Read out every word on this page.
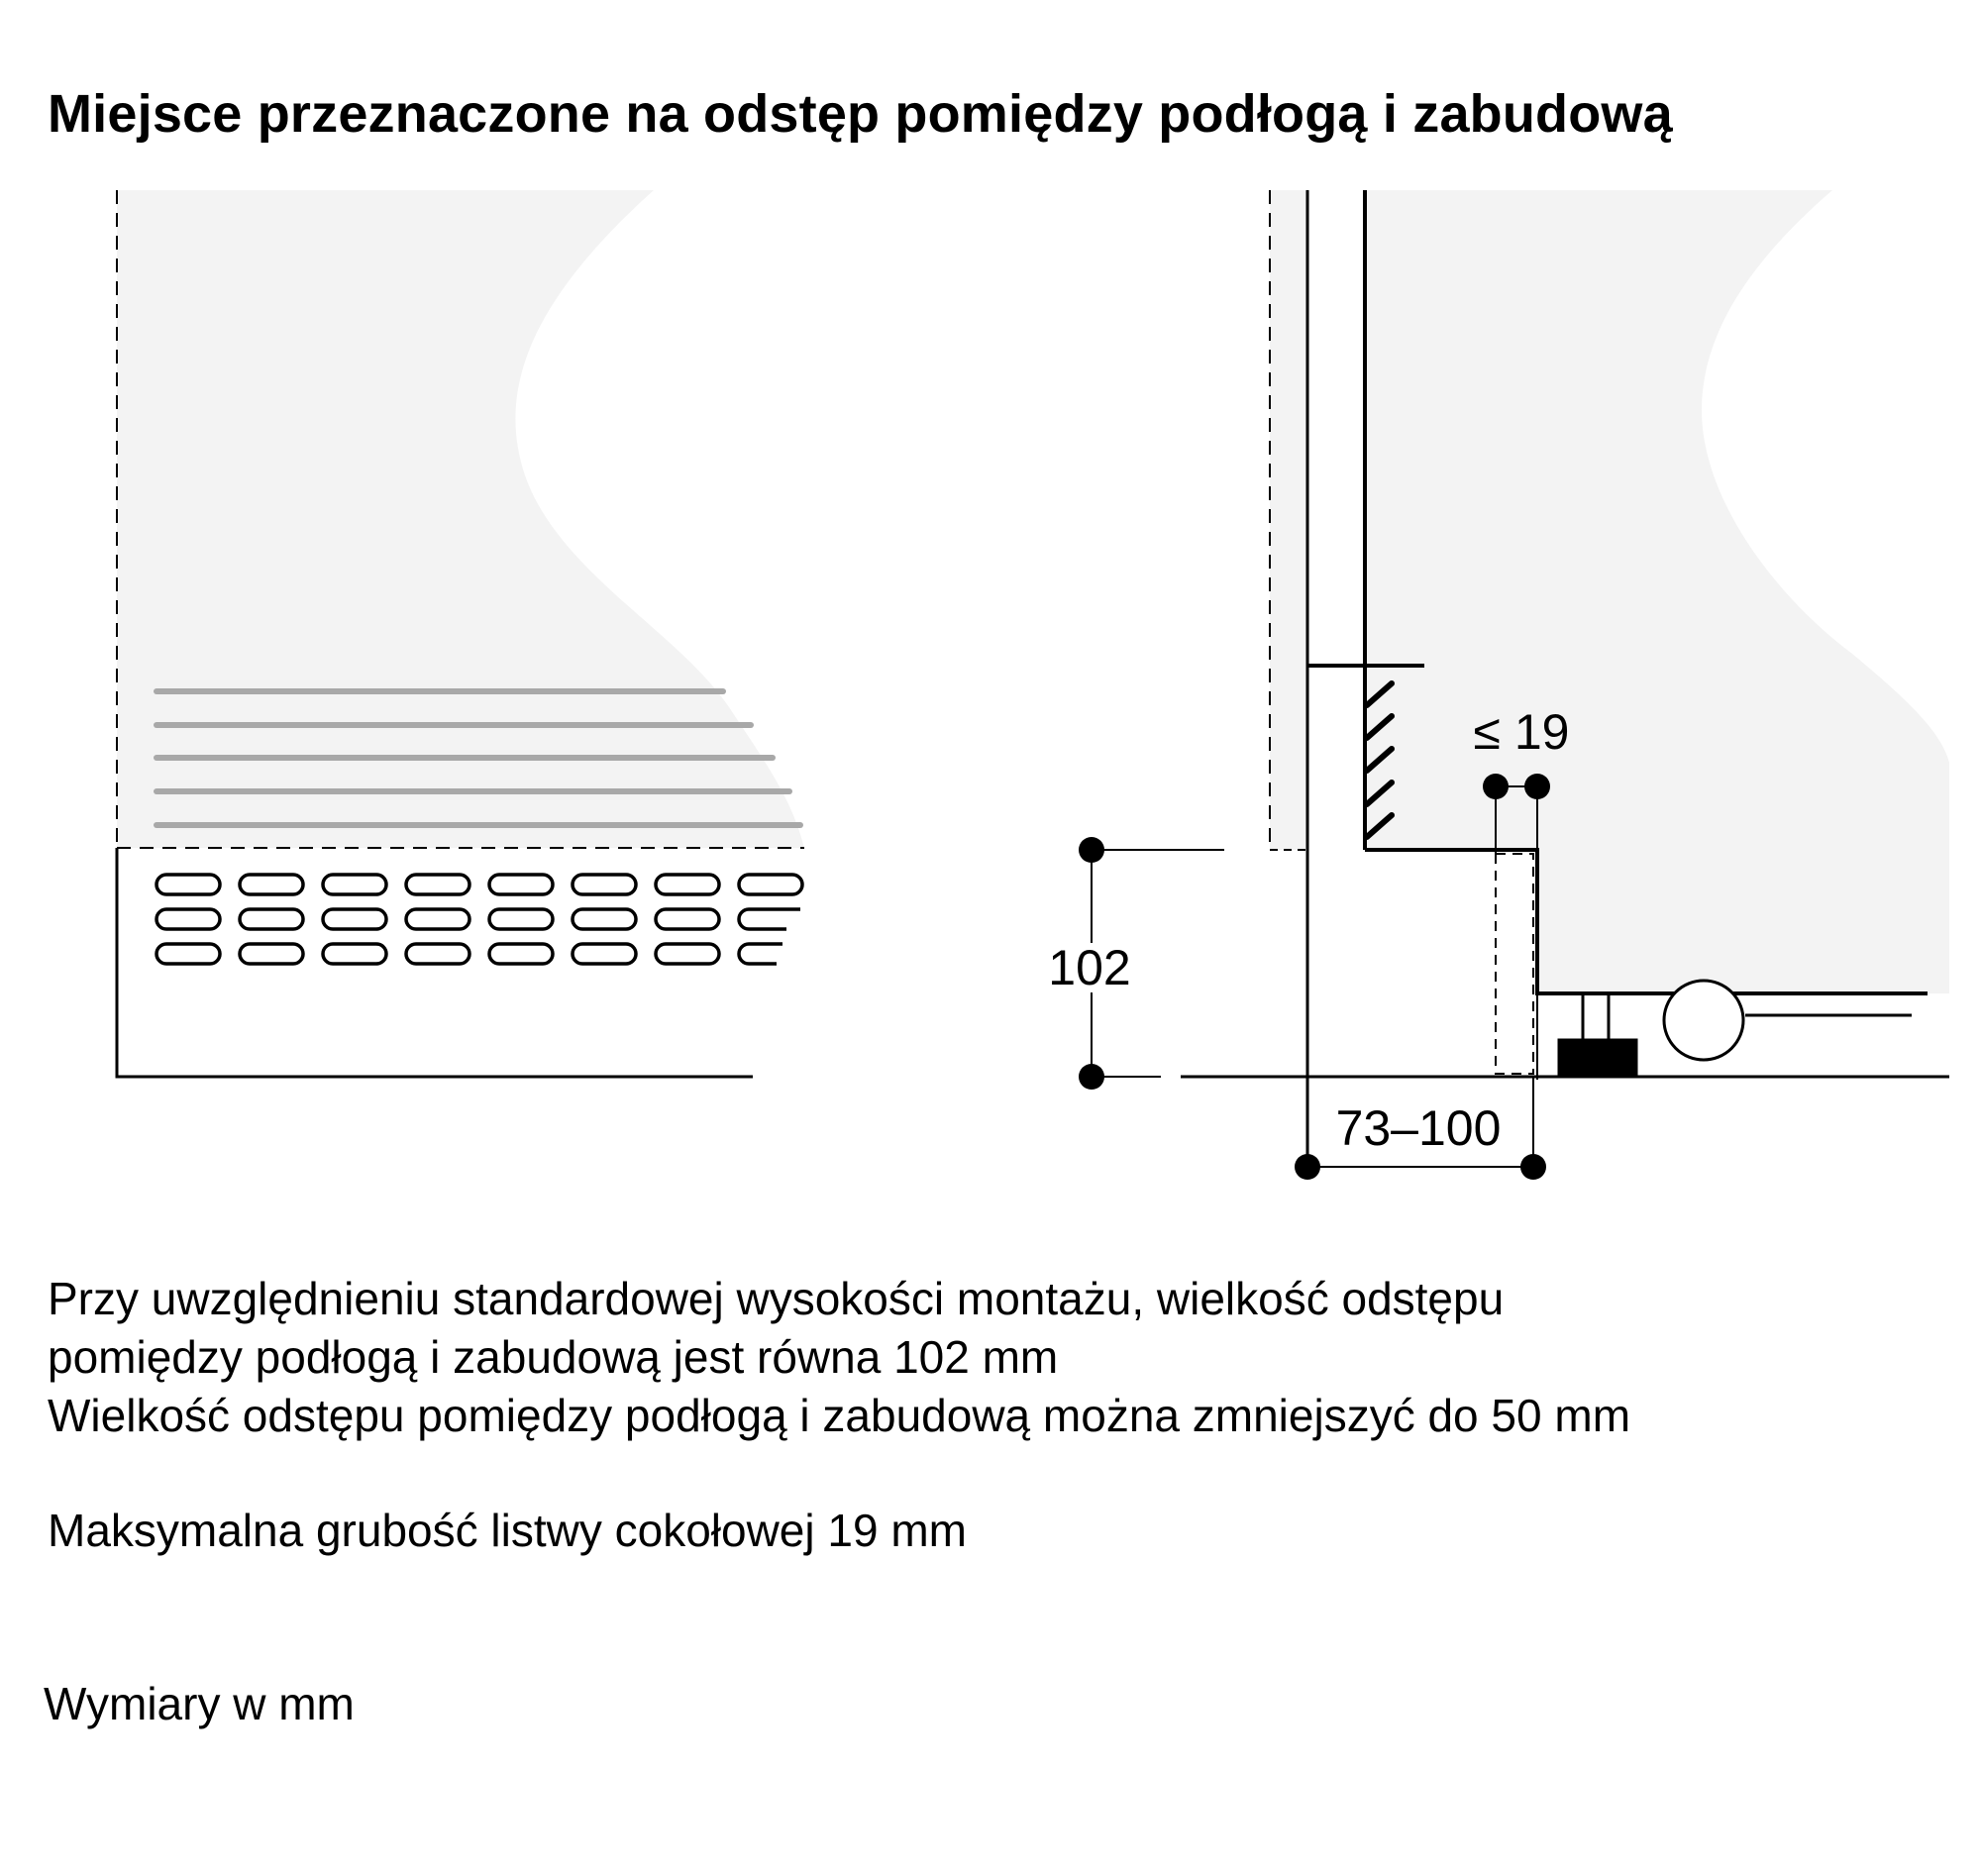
Miejsce przeznaczone na odstęp pomiędzy podłogą i zabudową
102
≤ 19
73–100
Przy uwzględnieniu standardowej wysokości montażu, wielkość odstępu
pomiędzy podłogą i zabudową jest równa 102 mm
Wielkość odstępu pomiędzy podłogą i zabudową można zmniejszyć do 50 mm
Maksymalna grubość listwy cokołowej 19 mm
Wymiary w mm
